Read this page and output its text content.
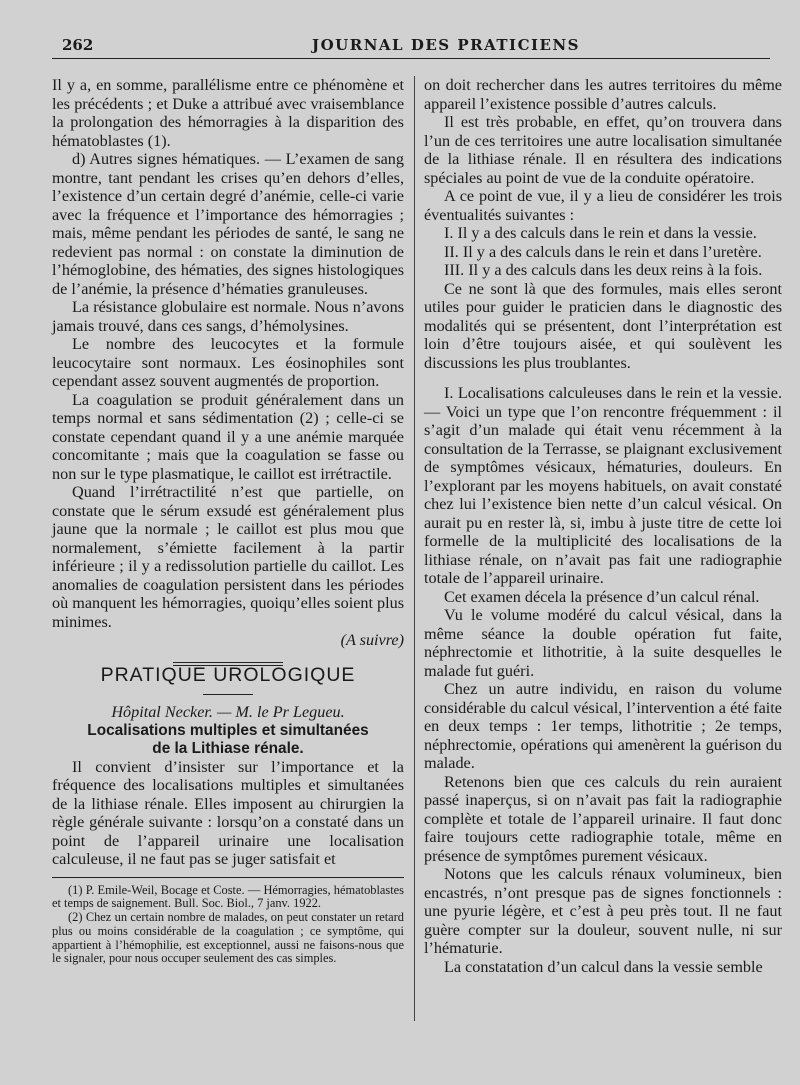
262	JOURNAL DES PRATICIENS

Il y a, en somme, parallélisme entre ce phénomène et les précédents ; et Duke a attribué avec vraisemblance la prolongation des hémorragies à la disparition des hématoblastes (1).

d) Autres signes hématiques. — L’examen de sang montre, tant pendant les crises qu’en dehors d’elles, l’existence d’un certain degré d’anémie, celle-ci varie avec la fréquence et l’importance des hémorragies ; mais, même pendant les périodes de santé, le sang ne redevient pas normal : on constate la diminution de l’hémoglobine, des hématies, des signes histologiques de l’anémie, la présence d’hématies granuleuses.

La résistance globulaire est normale. Nous n’avons jamais trouvé, dans ces sangs, d’hémolysines.

Le nombre des leucocytes et la formule leucocytaire sont normaux. Les éosinophiles sont cependant assez souvent augmentés de proportion.

La coagulation se produit généralement dans un temps normal et sans sédimentation (2) ; celle-ci se constate cependant quand il y a une anémie marquée concomitante ; mais que la coagulation se fasse ou non sur le type plasmatique, le caillot est irrétractile.

Quand l’irrétractilité n’est que partielle, on constate que le sérum exsudé est généralement plus jaune que la normale ; le caillot est plus mou que normalement, s’émiette facilement à la partir inférieure ; il y a redissolution partielle du caillot. Les anomalies de coagulation persistent dans les périodes où manquent les hémorragies, quoiqu’elles soient plus minimes.

(A suivre)

PRATIQUE UROLOGIQUE

Hôpital Necker. — M. le Pr Legueu.

Localisations multiples et simultanées
de la Lithiase rénale.

Il convient d’insister sur l’importance et la fréquence des localisations multiples et simultanées de la lithiase rénale. Elles imposent au chirurgien la règle générale suivante : lorsqu’on a constaté dans un point de l’appareil urinaire une localisation calculeuse, il ne faut pas se juger satisfait et

(1) P. Emile-Weil, Bocage et Coste. — Hémorragies, hématoblastes et temps de saignement. Bull. Soc. Biol., 7 janv. 1922.

(2) Chez un certain nombre de malades, on peut constater un retard plus ou moins considérable de la coagulation ; ce symptôme, qui appartient à l’hémophilie, est exceptionnel, aussi ne faisons-nous que le signaler, pour nous occuper seulement des cas simples.

on doit rechercher dans les autres territoires du même appareil l’existence possible d’autres calculs.

Il est très probable, en effet, qu’on trouvera dans l’un de ces territoires une autre localisation simultanée de la lithiase rénale. Il en résultera des indications spéciales au point de vue de la conduite opératoire.

A ce point de vue, il y a lieu de considérer les trois éventualités suivantes :

I. Il y a des calculs dans le rein et dans la vessie.

II. Il y a des calculs dans le rein et dans l’uretère.

III. Il y a des calculs dans les deux reins à la fois.

Ce ne sont là que des formules, mais elles seront utiles pour guider le praticien dans le diagnostic des modalités qui se présentent, dont l’interprétation est loin d’être toujours aisée, et qui soulèvent les discussions les plus troublantes.

I. Localisations calculeuses dans le rein et la vessie. — Voici un type que l’on rencontre fréquemment : il s’agit d’un malade qui était venu récemment à la consultation de la Terrasse, se plaignant exclusivement de symptômes vésicaux, hématuries, douleurs. En l’explorant par les moyens habituels, on avait constaté chez lui l’existence bien nette d’un calcul vésical. On aurait pu en rester là, si, imbu à juste titre de cette loi formelle de la multiplicité des localisations de la lithiase rénale, on n’avait pas fait une radiographie totale de l’appareil urinaire.

Cet examen décela la présence d’un calcul rénal.

Vu le volume modéré du calcul vésical, dans la même séance la double opération fut faite, néphrectomie et lithotritie, à la suite desquelles le malade fut guéri.

Chez un autre individu, en raison du volume considérable du calcul vésical, l’intervention a été faite en deux temps : 1er temps, lithotritie ; 2e temps, néphrectomie, opérations qui amenèrent la guérison du malade.

Retenons bien que ces calculs du rein auraient passé inaperçus, si on n’avait pas fait la radiographie complète et totale de l’appareil urinaire. Il faut donc faire toujours cette radiographie totale, même en présence de symptômes purement vésicaux.

Notons que les calculs rénaux volumineux, bien encastrés, n’ont presque pas de signes fonctionnels : une pyurie légère, et c’est à peu près tout. Il ne faut guère compter sur la douleur, souvent nulle, ni sur l’hématurie.

La constatation d’un calcul dans la vessie semble
